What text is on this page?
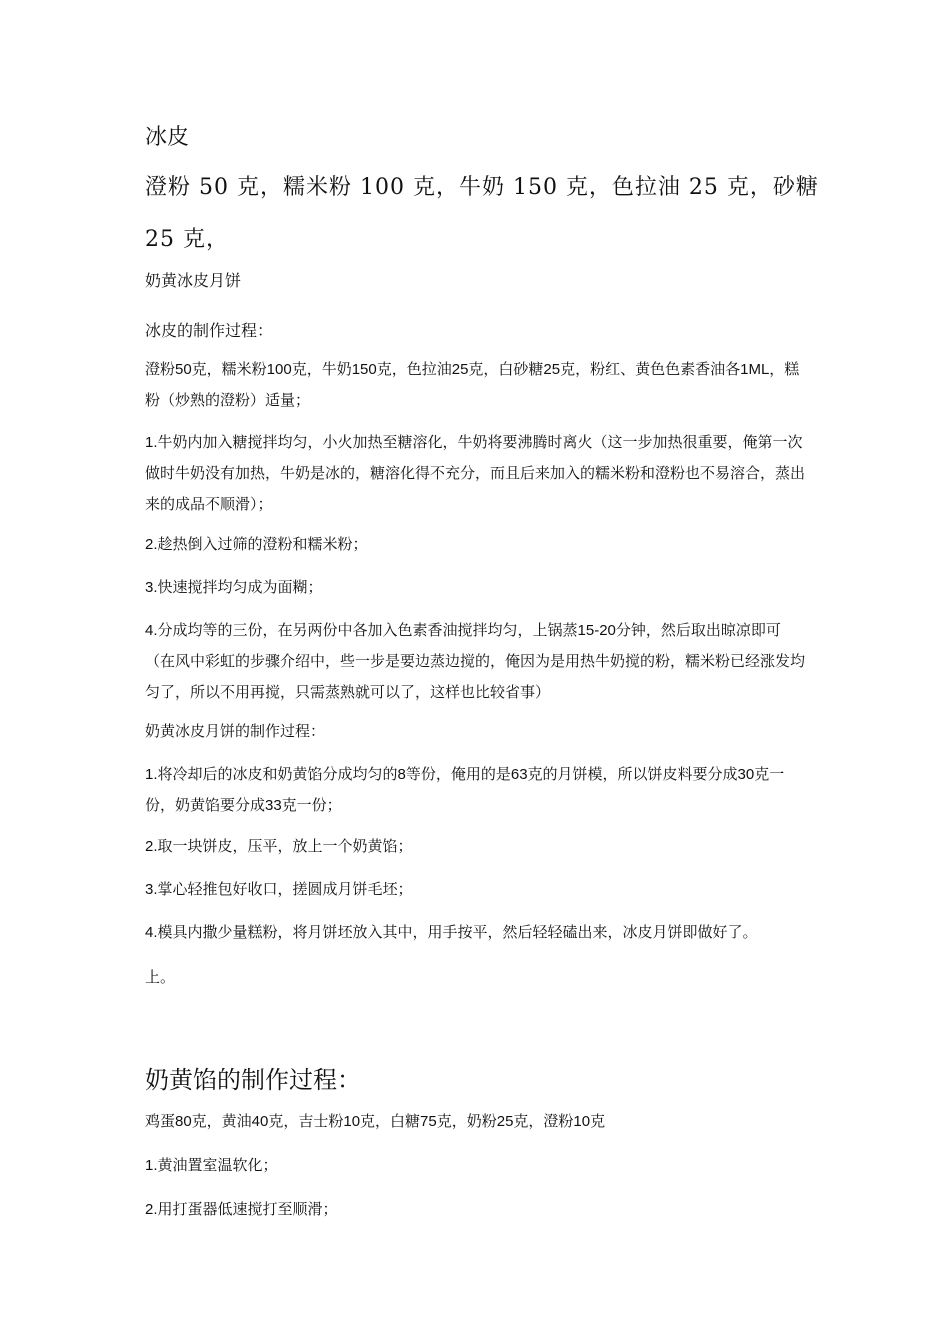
冰皮

澄粉 50 克，糯米粉 100 克，牛奶 150 克，色拉油 25 克，砂糖

25 克，

奶黄冰皮月饼

冰皮的制作过程：

澄粉50克，糯米粉100克，牛奶150克，色拉油25克，白砂糖25克，粉红、黄色色素香油各1ML，糕粉（炒熟的澄粉）适量；

1.牛奶内加入糖搅拌均匀，小火加热至糖溶化，牛奶将要沸腾时离火（这一步加热很重要，俺第一次做时牛奶没有加热，牛奶是冰的，糖溶化得不充分，而且后来加入的糯米粉和澄粉也不易溶合，蒸出来的成品不顺滑）；

2.趁热倒入过筛的澄粉和糯米粉；

3.快速搅拌均匀成为面糊；

4.分成均等的三份，在另两份中各加入色素香油搅拌均匀，上锅蒸15-20分钟，然后取出晾凉即可（在风中彩虹的步骤介绍中，些一步是要边蒸边搅的，俺因为是用热牛奶搅的粉，糯米粉已经涨发均匀了，所以不用再搅，只需蒸熟就可以了，这样也比较省事）

奶黄冰皮月饼的制作过程：

1.将冷却后的冰皮和奶黄馅分成均匀的8等份，俺用的是63克的月饼模，所以饼皮料要分成30克一份，奶黄馅要分成33克一份；

2.取一块饼皮，压平，放上一个奶黄馅；

3.掌心轻推包好收口，搓圆成月饼毛坯；

4.模具内撒少量糕粉，将月饼坯放入其中，用手按平，然后轻轻磕出来，冰皮月饼即做好了。

上。

奶黄馅的制作过程：

鸡蛋80克，黄油40克，吉士粉10克，白糖75克，奶粉25克，澄粉10克

1.黄油置室温软化；

2.用打蛋器低速搅打至顺滑；
